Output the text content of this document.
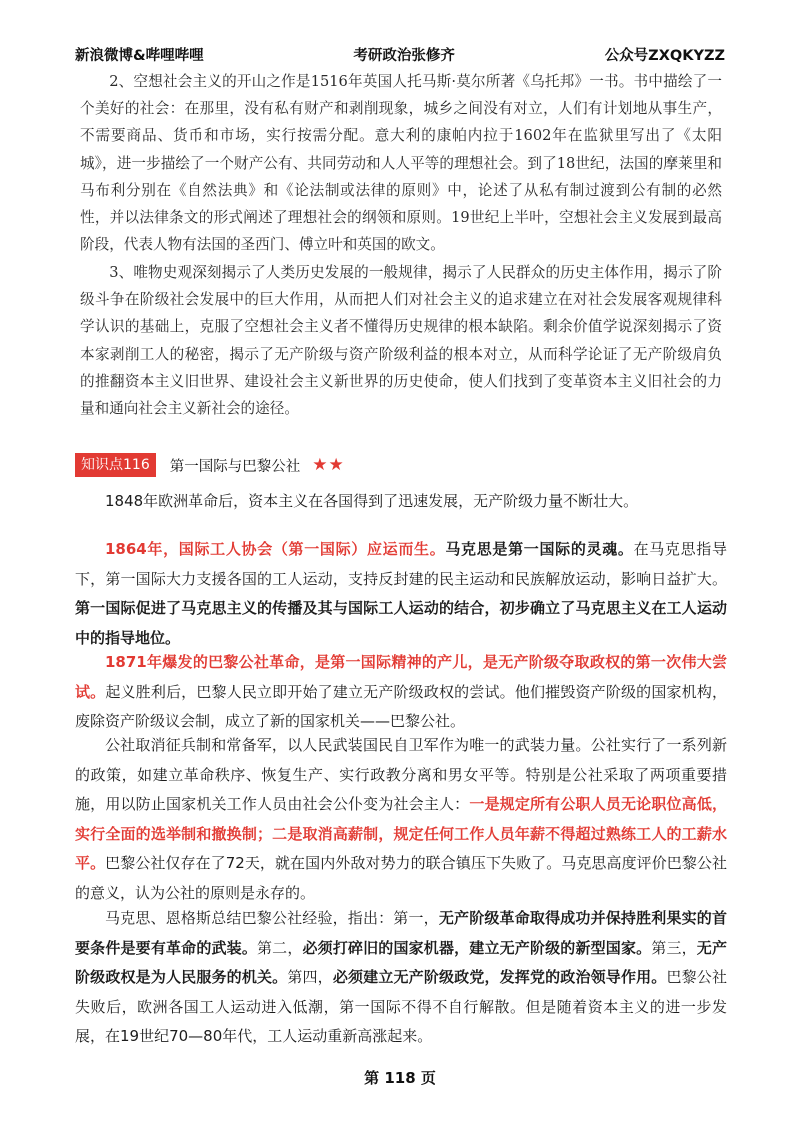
新浪微博&哔哩哔哩	考研政治张修齐	公众号ZXQKYZZ

2、空想社会主义的开山之作是1516年英国人托马斯·莫尔所著《乌托邦》一书。书中描绘了一个美好的社会：在那里，没有私有财产和剥削现象，城乡之间没有对立，人们有计划地从事生产，不需要商品、货币和市场，实行按需分配。意大利的康帕内拉于1602年在监狱里写出了《太阳城》，进一步描绘了一个财产公有、共同劳动和人人平等的理想社会。到了18世纪，法国的摩莱里和马布利分别在《自然法典》和《论法制或法律的原则》中，论述了从私有制过渡到公有制的必然性，并以法律条文的形式阐述了理想社会的纲领和原则。19世纪上半叶，空想社会主义发展到最高阶段，代表人物有法国的圣西门、傅立叶和英国的欧文。

3、唯物史观深刻揭示了人类历史发展的一般规律，揭示了人民群众的历史主体作用，揭示了阶级斗争在阶级社会发展中的巨大作用，从而把人们对社会主义的追求建立在对社会发展客观规律科学认识的基础上，克服了空想社会主义者不懂得历史规律的根本缺陷。剩余价值学说深刻揭示了资本家剥削工人的秘密，揭示了无产阶级与资产阶级利益的根本对立，从而科学论证了无产阶级肩负的推翻资本主义旧世界、建设社会主义新世界的历史使命，使人们找到了变革资本主义旧社会的力量和通向社会主义新社会的途径。

知识点116	第一国际与巴黎公社 ★★

1848年欧洲革命后，资本主义在各国得到了迅速发展，无产阶级力量不断壮大。

1864年，国际工人协会（第一国际）应运而生。马克思是第一国际的灵魂。在马克思指导下，第一国际大力支援各国的工人运动，支持反封建的民主运动和民族解放运动，影响日益扩大。第一国际促进了马克思主义的传播及其与国际工人运动的结合，初步确立了马克思主义在工人运动中的指导地位。

1871年爆发的巴黎公社革命，是第一国际精神的产儿，是无产阶级夺取政权的第一次伟大尝试。起义胜利后，巴黎人民立即开始了建立无产阶级政权的尝试。他们摧毁资产阶级的国家机构，废除资产阶级议会制，成立了新的国家机关——巴黎公社。

公社取消征兵制和常备军，以人民武装国民自卫军作为唯一的武装力量。公社实行了一系列新的政策，如建立革命秩序、恢复生产、实行政教分离和男女平等。特别是公社采取了两项重要措施，用以防止国家机关工作人员由社会公仆变为社会主人：一是规定所有公职人员无论职位高低，实行全面的选举制和撤换制；二是取消高薪制，规定任何工作人员年薪不得超过熟练工人的工薪水平。巴黎公社仅存在了72天，就在国内外敌对势力的联合镇压下失败了。马克思高度评价巴黎公社的意义，认为公社的原则是永存的。

马克思、恩格斯总结巴黎公社经验，指出：第一，无产阶级革命取得成功并保持胜利果实的首要条件是要有革命的武装。第二，必须打碎旧的国家机器，建立无产阶级的新型国家。第三，无产阶级政权是为人民服务的机关。第四，必须建立无产阶级政党，发挥党的政治领导作用。巴黎公社失败后，欧洲各国工人运动进入低潮，第一国际不得不自行解散。但是随着资本主义的进一步发展，在19世纪70—80年代，工人运动重新高涨起来。

第 118 页
